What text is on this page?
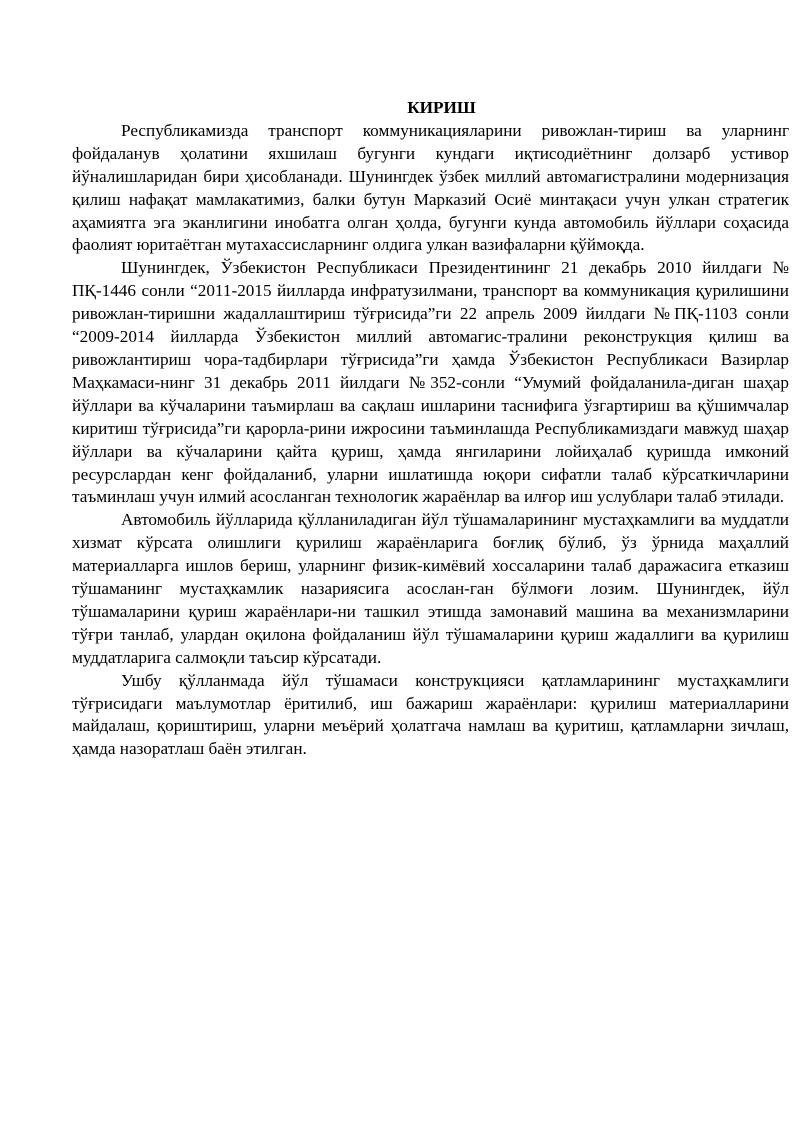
КИРИШ

Республикамизда транспорт коммуникацияларини ривожлан-тириш ва уларнинг фойдаланув ҳолатини яхшилаш бугунги кундаги иқтисодиётнинг долзарб устивор йўналишларидан бири ҳисобланади. Шунингдек ўзбек миллий автомагистралини модернизация қилиш нафақат мамлакатимиз, балки бутун Марказий Осиё минтақаси учун улкан стратегик аҳамиятга эга эканлигини инобатга олган ҳолда, бугунги кунда автомобиль йўллари соҳасида фаолият юритаётган мутахассисларнинг олдига улкан вазифаларни қўймоқда.

Шунингдек, Ўзбекистон Республикаси Президентининг 21 декабрь 2010 йилдаги № ПҚ-1446 сонли “2011-2015 йилларда инфратузилмани, транспорт ва коммуникация қурилишини ривожлан-тиришни жадаллаштириш тўғрисида”ги 22 апрель 2009 йилдаги №ПҚ-1103 сонли “2009-2014 йилларда Ўзбекистон миллий автомагис-тралини реконструкция қилиш ва ривожлантириш чора-тадбирлари тўғрисида”ги ҳамда Ўзбекистон Республикаси Вазирлар Маҳкамаси-нинг 31 декабрь 2011 йилдаги №352-сонли “Умумий фойдаланила-диган шаҳар йўллари ва кўчаларини таъмирлаш ва сақлаш ишларини таснифига ўзгартириш ва қўшимчалар киритиш тўғрисида”ги қарорла-рини ижросини таъминлашда Республикамиздаги мавжуд шаҳар йўллари ва кўчаларини қайта қуриш, ҳамда янгиларини лойиҳалаб қуришда имконий ресурслардан кенг фойдаланиб, уларни ишлатишда юқори сифатли талаб кўрсаткичларини таъминлаш учун илмий асосланган технологик жараёнлар ва илғор иш услублари талаб этилади.

Автомобиль йўлларида қўлланиладиган йўл тўшамаларининг мустаҳкамлиги ва муддатли хизмат кўрсата олишлиги қурилиш жараёнларига боғлиқ бўлиб, ўз ўрнида маҳаллий материалларга ишлов бериш, уларнинг физик-кимёвий хоссаларини талаб даражасига етказиш тўшаманинг мустаҳкамлик назариясига асослан-ган бўлмоғи лозим. Шунингдек, йўл тўшамаларини қуриш жараёнлари-ни ташкил этишда замонавий машина ва механизмларини тўғри танлаб, улардан оқилона фойдаланиш йўл тўшамаларини қуриш жадаллиги ва қурилиш муддатларига салмоқли таъсир кўрсатади.

Ушбу қўлланмада йўл тўшамаси конструкцияси қатламларининг мустаҳкамлиги тўғрисидаги маълумотлар ёритилиб, иш бажариш жараёнлари: қурилиш материалларини майдалаш, қориштириш, уларни меъёрий ҳолатгача намлаш ва қуритиш, қатламларни зичлаш, ҳамда назоратлаш баён этилган.
